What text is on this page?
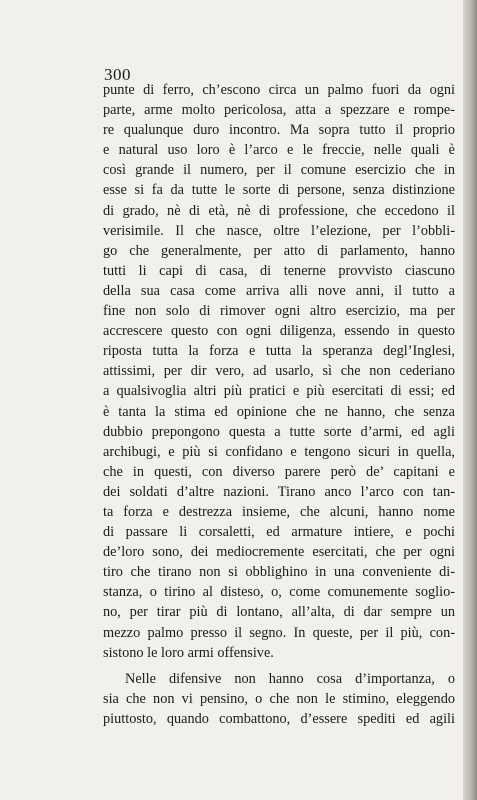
300
punte di ferro, ch’escono circa un palmo fuori da ogni
parte, arme molto pericolosa, atta a spezzare e rompe-
re qualunque duro incontro. Ma sopra tutto il proprio
e natural uso loro è l’arco e le freccie, nelle quali è
così grande il numero, per il comune esercizio che in
esse si fa da tutte le sorte di persone, senza distinzione
di grado, nè di età, nè di professione, che eccedono il
verisimile. Il che nasce, oltre l’elezione, per l’obbli-
go che generalmente, per atto di parlamento, hanno
tutti li capi di casa, di tenerne provvisto ciascuno
della sua casa come arriva alli nove anni, il tutto a
fine non solo di rimover ogni altro esercizio, ma per
accrescere questo con ogni diligenza, essendo in questo
riposta tutta la forza e tutta la speranza degl’Inglesi,
attissimi, per dir vero, ad usarlo, sì che non cederiano
a qualsivoglia altri più pratici e più esercitati di essi; ed
è tanta la stima ed opinione che ne hanno, che senza
dubbio prepongono questa a tutte sorte d’armi, ed agli
archibugi, e più si confidano e tengono sicuri in quella,
che in questi, con diverso parere però de’ capitani e
dei soldati d’altre nazioni. Tirano anco l’arco con tan-
ta forza e destrezza insieme, che alcuni, hanno nome
di passare li corsaletti, ed armature intiere, e pochi
de’loro sono, dei mediocremente esercitati, che per ogni
tiro che tirano non si obblighino in una conveniente di-
stanza, o tirino al disteso, o, come comunemente soglio-
no, per tirar più di lontano, all’alta, di dar sempre un
mezzo palmo presso il segno. In queste, per il più, con-
sistono le loro armi offensive.
Nelle difensive non hanno cosa d’importanza, o
sia che non vi pensino, o che non le stimino, eleggendo
piuttosto, quando combattono, d’essere spediti ed agili
